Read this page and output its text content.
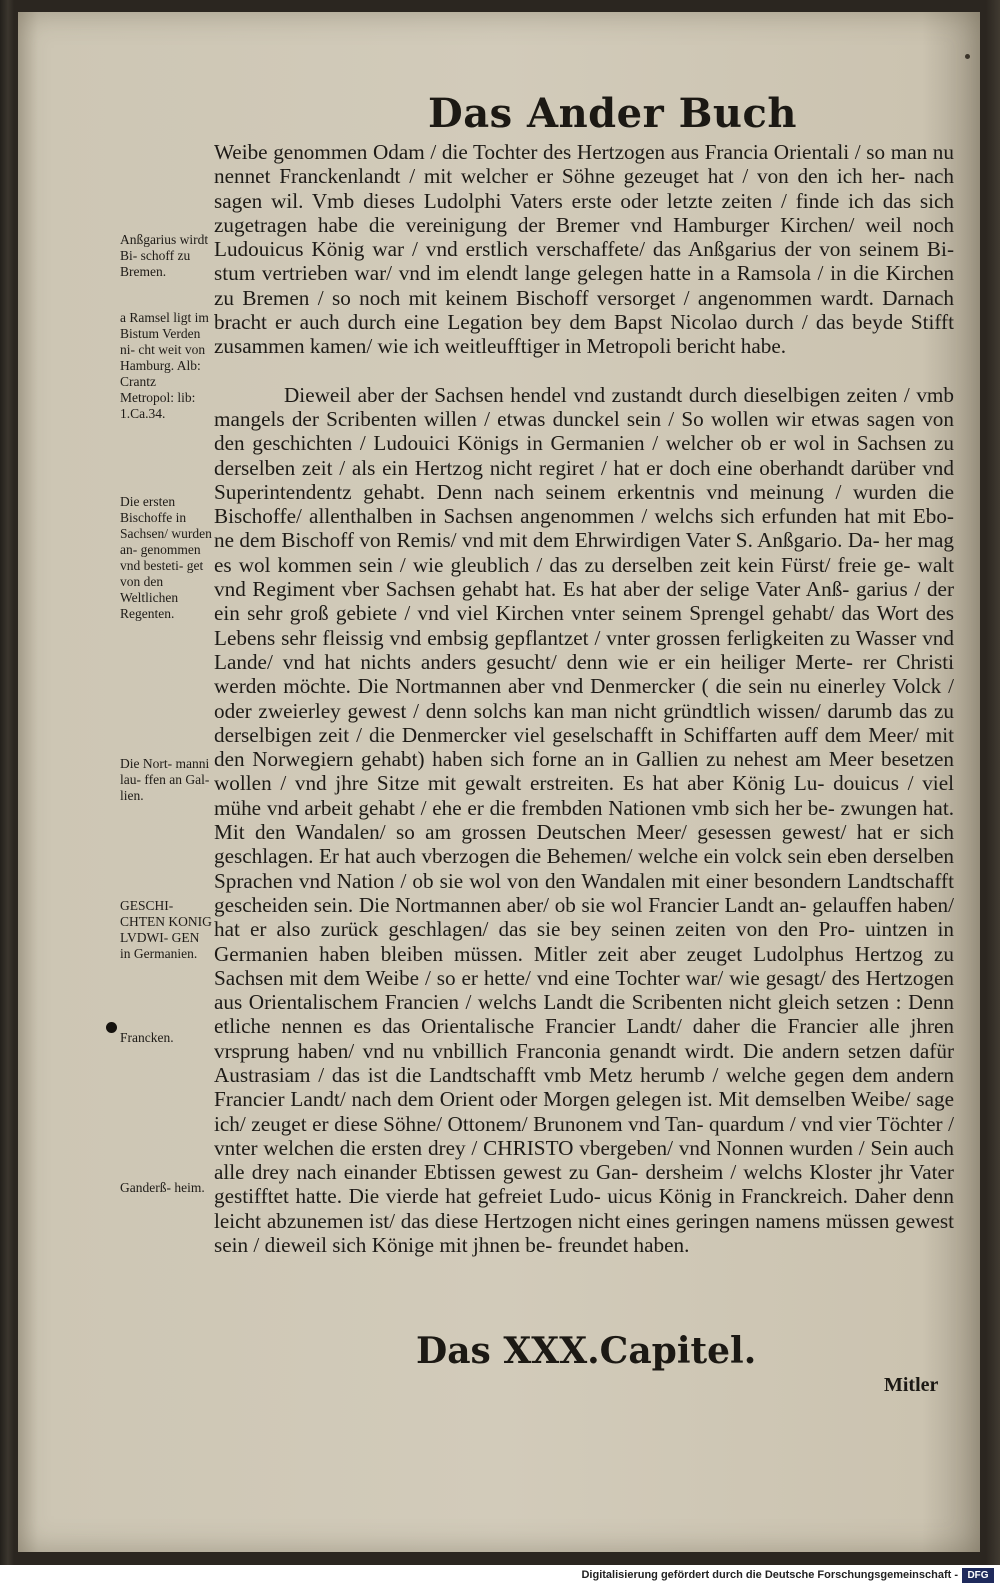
Das Ander Buch
Anßgarius wirdt Bi- schoff zu Bremen.
a Ramsel ligt im Bistum Verden ni- cht weit von Hamburg. Alb: Crantz Metropol: lib: 1.Ca.34.
Die ersten Bischoffe in Sachsen/ wurden an- genommen vnd besteti- get von den Weltlichen Regenten.
Die Nort- manni lau- ffen an Gal- lien.
GESCHI- CHTEN KONIG LVDWI- GEN in Germanien.
Francken.
Ganderß- heim.

Weibe genommen Odam / die Tochter des Hertzogen aus Francia Orientali / so man nu nennet Franckenlandt / mit welcher er Söhne gezeuget hat / von den ich her- nach sagen wil. Vmb dieses Ludolphi Vaters erste oder letzte zeiten / finde ich das sich zugetragen habe die vereinigung der Bremer vnd Hamburger Kirchen/ weil noch Ludouicus König war / vnd erstlich verschaffete/ das Anßgarius der von seinem Bi- stum vertrieben war/ vnd im elendt lange gelegen hatte in a Ramsola / in die Kirchen zu Bremen / so noch mit keinem Bischoff versorget / angenommen wardt. Darnach bracht er auch durch eine Legation bey dem Bapst Nicolao durch / das beyde Stifft zusammen kamen/ wie ich weitleufftiger in Metropoli bericht habe.

Dieweil aber der Sachsen hendel vnd zustandt durch dieselbigen zeiten / vmb mangels der Scribenten willen / etwas dunckel sein / So wollen wir etwas sagen von den geschichten / Ludouici Königs in Germanien / welcher ob er wol in Sachsen zu derselben zeit / als ein Hertzog nicht regiret / hat er doch eine oberhandt darüber vnd Superintendentz gehabt. Denn nach seinem erkentnis vnd meinung / wurden die Bischoffe/ allenthalben in Sachsen angenommen / welchs sich erfunden hat mit Ebo- ne dem Bischoff von Remis/ vnd mit dem Ehrwirdigen Vater S. Anßgario. Da- her mag es wol kommen sein / wie gleublich / das zu derselben zeit kein Fürst/ freie ge- walt vnd Regiment vber Sachsen gehabt hat. Es hat aber der selige Vater Anß- garius / der ein sehr groß gebiete / vnd viel Kirchen vnter seinem Sprengel gehabt/ das Wort des Lebens sehr fleissig vnd embsig gepflantzet / vnter grossen ferligkeiten zu Wasser vnd Lande/ vnd hat nichts anders gesucht/ denn wie er ein heiliger Merte- rer Christi werden möchte. Die Nortmannen aber vnd Denmercker ( die sein nu einerley Volck / oder zweierley gewest / denn solchs kan man nicht gründtlich wissen/ darumb das zu derselbigen zeit / die Denmercker viel geselschafft in Schiffarten auff dem Meer/ mit den Norwegiern gehabt) haben sich forne an in Gallien zu nehest am Meer besetzen wollen / vnd jhre Sitze mit gewalt erstreiten. Es hat aber König Lu- douicus / viel mühe vnd arbeit gehabt / ehe er die frembden Nationen vmb sich her be- zwungen hat. Mit den Wandalen/ so am grossen Deutschen Meer/ gesessen gewest/ hat er sich geschlagen. Er hat auch vberzogen die Behemen/ welche ein volck sein eben derselben Sprachen vnd Nation / ob sie wol von den Wandalen mit einer besondern Landtschafft gescheiden sein. Die Nortmannen aber/ ob sie wol Francier Landt an- gelauffen haben/ hat er also zurück geschlagen/ das sie bey seinen zeiten von den Pro- uintzen in Germanien haben bleiben müssen. Mitler zeit aber zeuget Ludolphus Hertzog zu Sachsen mit dem Weibe / so er hette/ vnd eine Tochter war/ wie gesagt/ des Hertzogen aus Orientalischem Francien / welchs Landt die Scribenten nicht gleich setzen : Denn etliche nennen es das Orientalische Francier Landt/ daher die Francier alle jhren vrsprung haben/ vnd nu vnbillich Franconia genandt wirdt. Die andern setzen dafür Austrasiam / das ist die Landtschafft vmb Metz herumb / welche gegen dem andern Francier Landt/ nach dem Orient oder Morgen gelegen ist. Mit demselben Weibe/ sage ich/ zeuget er diese Söhne/ Ottonem/ Brunonem vnd Tan- quardum / vnd vier Töchter / vnter welchen die ersten drey / CHRISTO vbergeben/ vnd Nonnen wurden / Sein auch alle drey nach einander Ebtissen gewest zu Gan- dersheim / welchs Kloster jhr Vater gestifftet hatte. Die vierde hat gefreiet Ludo- uicus König in Franckreich. Daher denn leicht abzunemen ist/ das diese Hertzogen nicht eines geringen namens müssen gewest sein / dieweil sich Könige mit jhnen be- freundet haben.

Das XXX.Capitel.
Mitler
Digitalisierung gefördert durch die Deutsche Forschungsgemeinschaft - DFG
